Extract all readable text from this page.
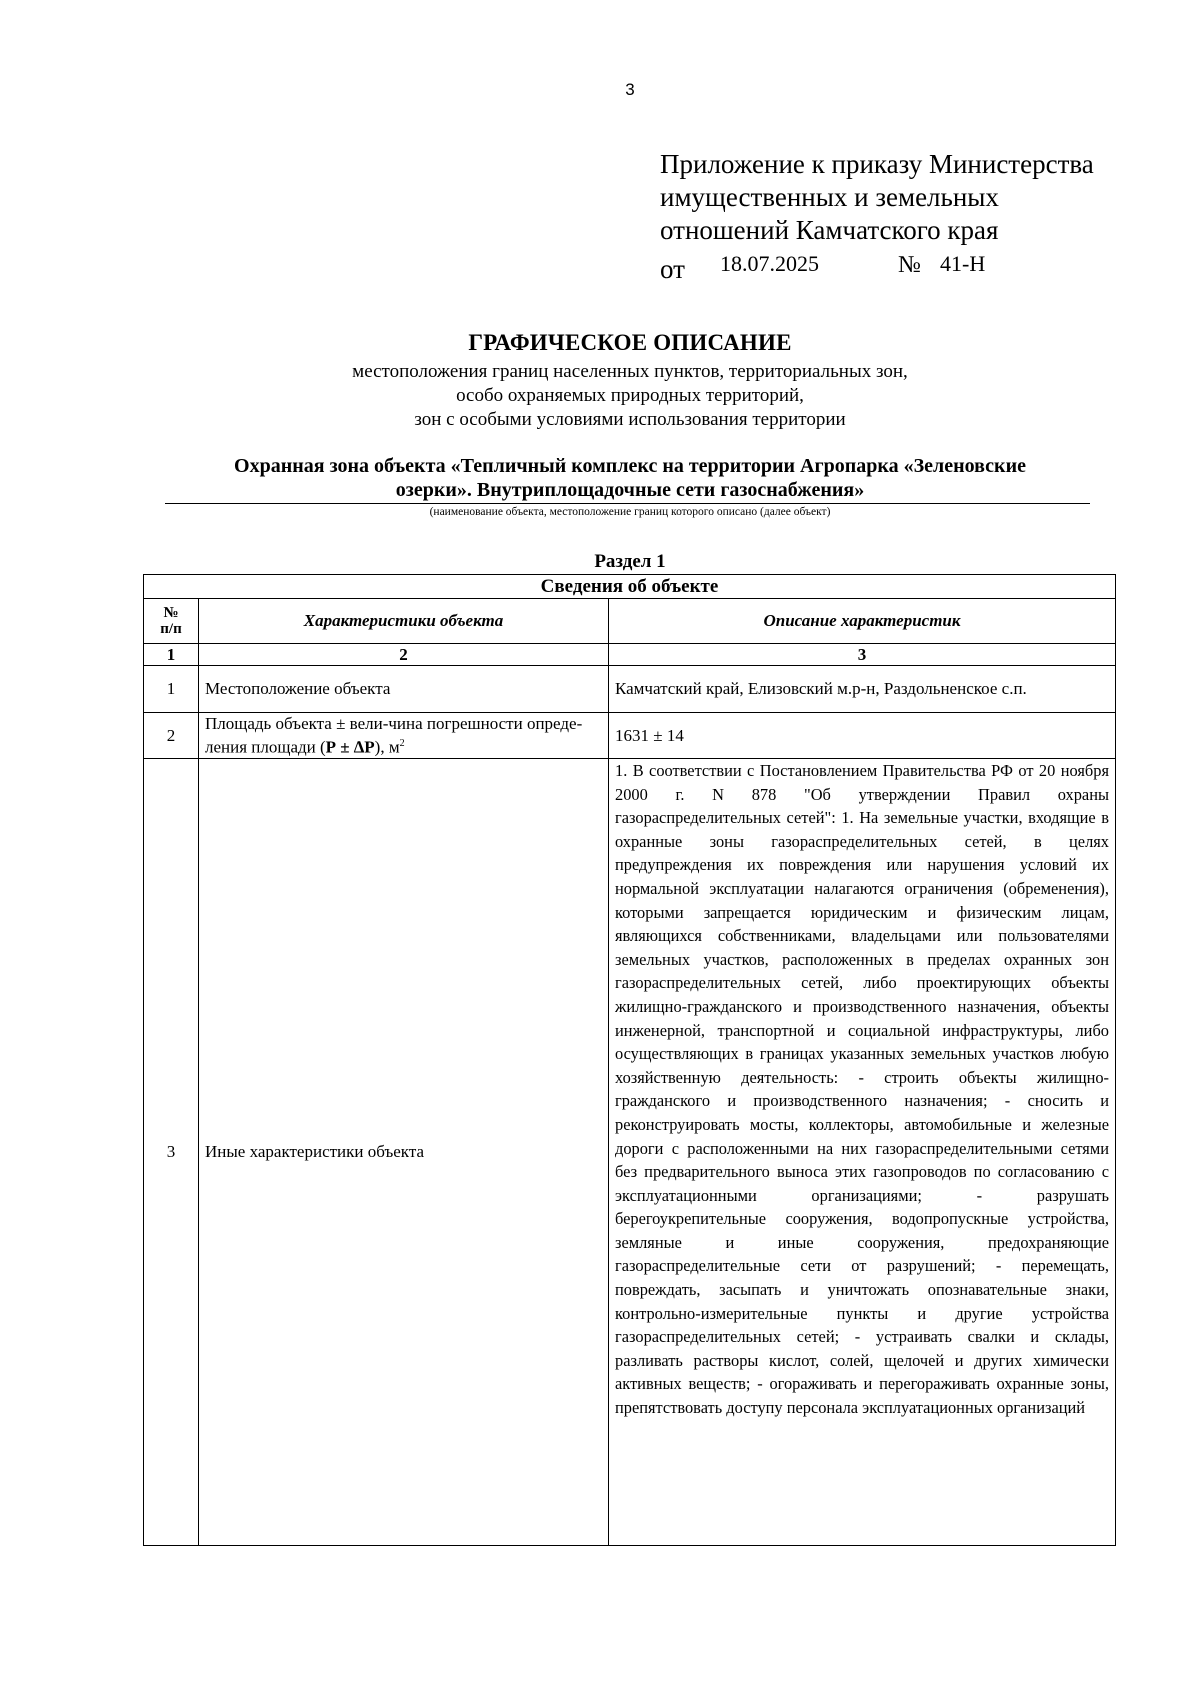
3
Приложение к приказу Министерства
имущественных и земельных
отношений Камчатского края
от 18.07.2025	№ 41-Н
ГРАФИЧЕСКОЕ ОПИСАНИЕ
местоположения границ населенных пунктов, территориальных зон,
особо охраняемых природных территорий,
зон с особыми условиями использования территории
Охранная зона объекта «Тепличный комплекс на территории Агропарка «Зеленовские
озерки». Внутриплощадочные сети газоснабжения»
(наименование объекта, местоположение границ которого описано (далее объект)
Раздел 1
Сведения об объекте		

№
п/п	Характеристики объекта	Описание характеристик
1	2	3
1	Местоположение объекта	Камчатский край, Елизовский м.р-н, Раздольненское с.п.
2	Площадь объекта ± вели-чина погрешности опреде-ления площади (Р ± ∆Р), $м^2$	1631 ± 14
3	Иные характеристики объекта	1. В соответствии с Постановлением Правительства РФ от 20 ноября 2000 г. N 878 "Об утверждении Правил охраны газораспределительных сетей": 1. На земельные участки, входящие в охранные зоны газораспределительных сетей, в целях предупреждения их повреждения или нарушения условий их нормальной эксплуатации налагаются ограничения (обременения), которыми запрещается юридическим и физическим лицам, являющихся собственниками, владельцами или пользователями земельных участков, расположенных в пределах охранных зон газораспределительных сетей, либо проектирующих объекты жилищно-гражданского и производственного назначения, объекты инженерной, транспортной и социальной инфраструктуры, либо осуществляющих в границах указанных земельных участков любую хозяйственную деятельность: - строить объекты жилищно-гражданского и производственного назначения; - сносить и реконструировать мосты, коллекторы, автомобильные и железные дороги с расположенными на них газораспределительными сетями без предварительного выноса этих газопроводов по согласованию с эксплуатационными организациями; - разрушать берегоукрепительные сооружения, водопропускные устройства, земляные и иные сооружения, предохраняющие газораспределительные сети от разрушений; - перемещать, повреждать, засыпать и уничтожать опознавательные знаки, контрольно-измерительные пункты и другие устройства газораспределительных сетей; - устраивать свалки и склады, разливать растворы кислот, солей, щелочей и других химически активных веществ; - огораживать и перегораживать охранные зоны, препятствовать доступу персонала эксплуатационных организаций
